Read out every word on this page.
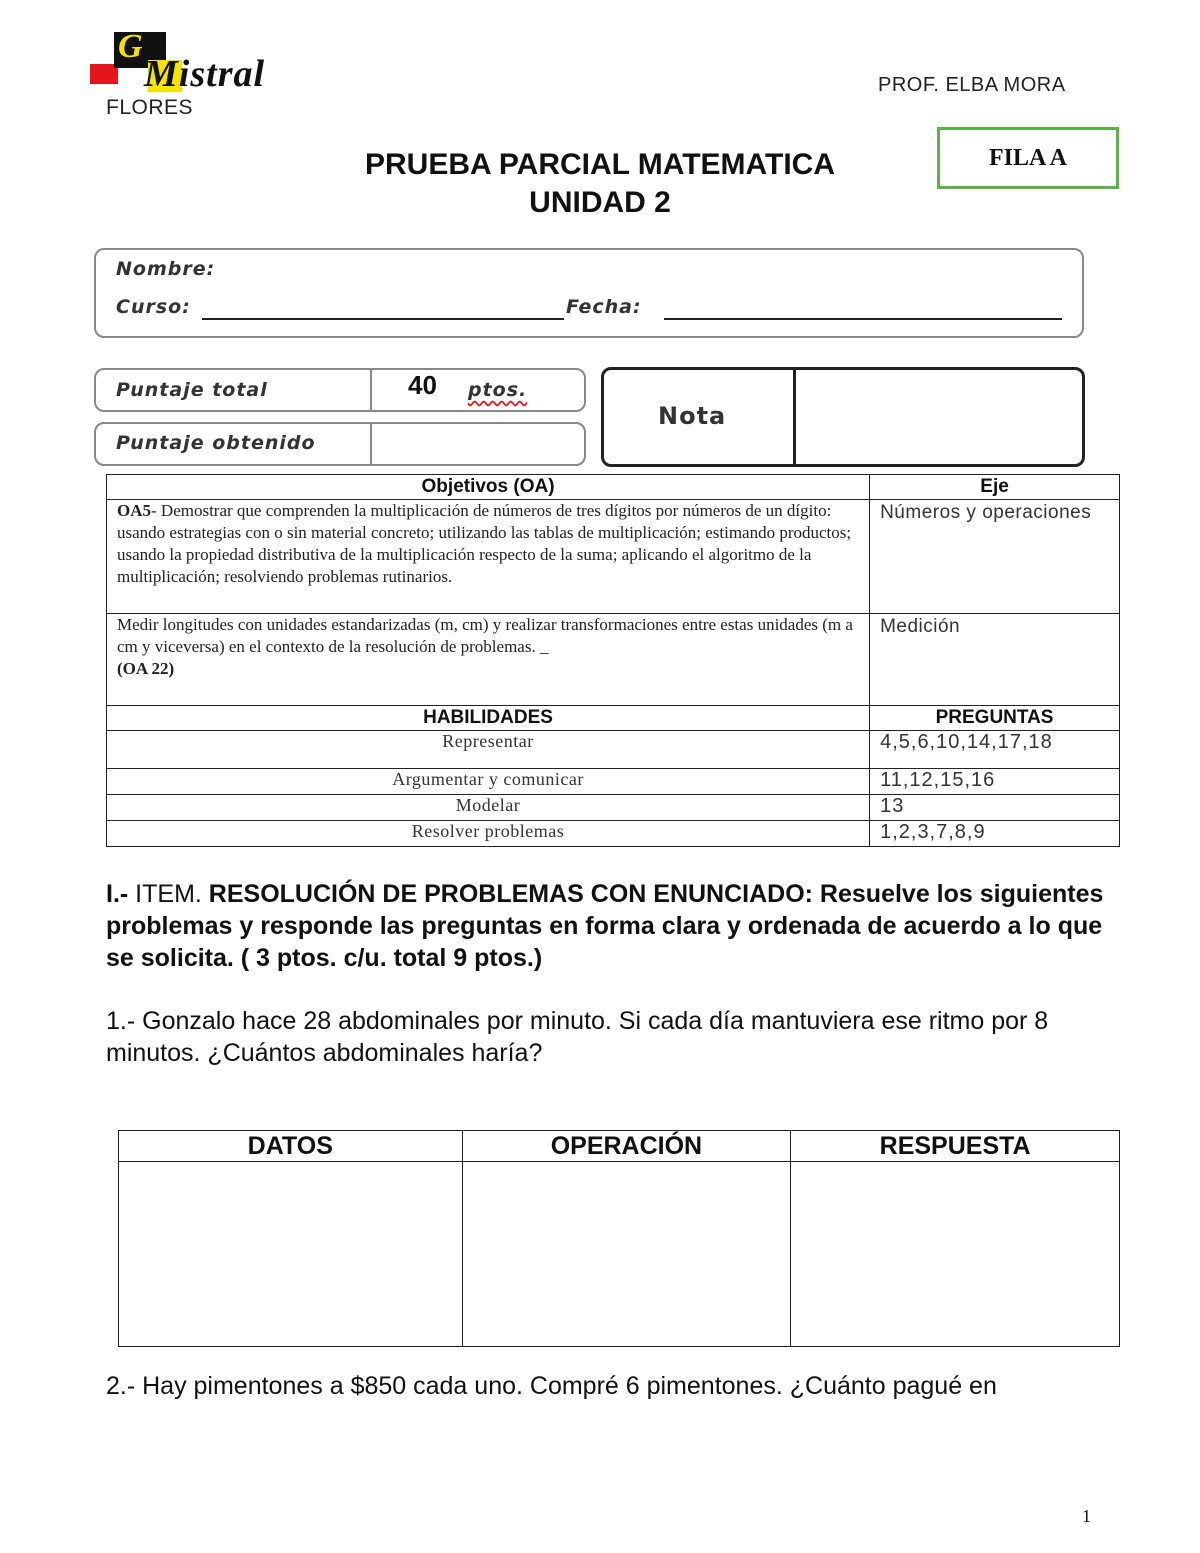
G
Mistral
FLORES
PROF. ELBA MORA
PRUEBA PARCIAL MATEMATICA
UNIDAD 2
FILA A
Nombre:
Curso:	Fecha:
Puntaje total	40 ptos.
Puntaje obtenido
Nota
Objetivos (OA)	Eje
OA5- Demostrar que comprenden la multiplicación de números de tres dígitos por números de un dígito: usando estrategias con o sin material concreto; utilizando las tablas de multiplicación; estimando productos; usando la propiedad distributiva de la multiplicación respecto de la suma; aplicando el algoritmo de la multiplicación; resolviendo problemas rutinarios.	Números y operaciones
Medir longitudes con unidades estandarizadas (m, cm) y realizar transformaciones entre estas unidades (m a cm y viceversa) en el contexto de la resolución de problemas. _
(OA 22)	Medición
HABILIDADES	PREGUNTAS
Representar	4,5,6,10,14,17,18
Argumentar y comunicar	11,12,15,16
Modelar	13
Resolver problemas	1,2,3,7,8,9
I.- ITEM. RESOLUCIÓN DE PROBLEMAS CON ENUNCIADO: Resuelve los siguientes problemas y responde las preguntas en forma clara y ordenada de acuerdo a lo que se solicita. ( 3 ptos. c/u. total 9 ptos.)
1.- Gonzalo hace 28 abdominales por minuto. Si cada día mantuviera ese ritmo por 8 minutos. ¿Cuántos abdominales haría?
DATOS	OPERACIÓN	RESPUESTA

2.- Hay pimentones a $850 cada uno. Compré 6 pimentones. ¿Cuánto pagué en
1
